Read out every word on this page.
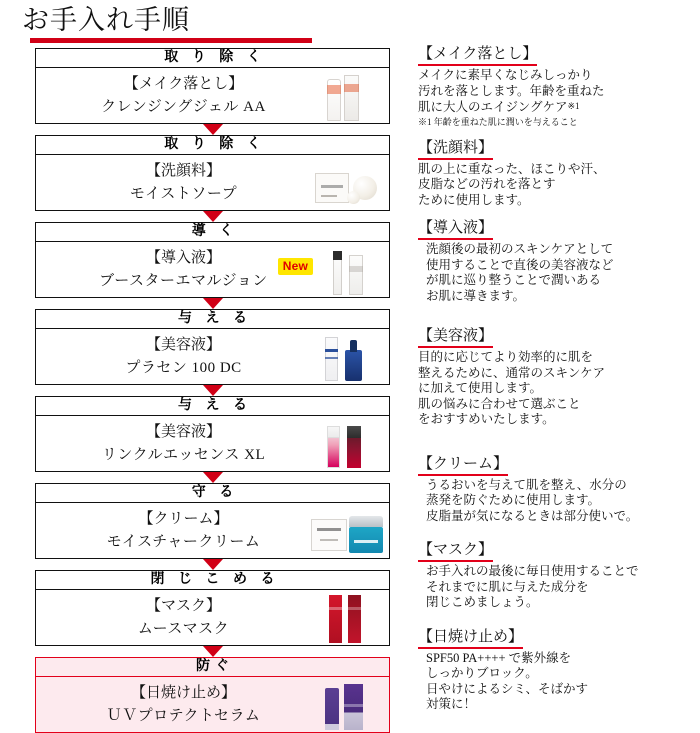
お手入れ手順
取 り 除 く
【メイク落とし】
クレンジングジェル AA
取 り 除 く
【洗顔料】
モイストソープ
導 く
【導入液】
ブースターエマルジョン
New
与 え る
【美容液】
プラセン 100 DC
与 え る
【美容液】
リンクルエッセンス XL
守 る
【クリーム】
モイスチャークリーム
閉 じ こ め る
【マスク】
ムースマスク
防ぐ
【日焼け止め】
ＵＶプロテクトセラム
【メイク落とし】
メイクに素早くなじみしっかり
汚れを落とします。年齢を重ねた
肌に大人のエイジングケア$^{※1}$
※1 年齢を重ねた肌に潤いを与えること
【洗顔料】
肌の上に重なった、ほこりや汗、
皮脂などの汚れを落とす
ために使用します。
【導入液】
洗顔後の最初のスキンケアとして
使用することで直後の美容液など
が肌に巡り整うことで潤いある
お肌に導きます。
【美容液】
目的に応じてより効率的に肌を
整えるために、通常のスキンケア
に加えて使用します。
肌の悩みに合わせて選ぶこと
をおすすめいたします。
【クリーム】
うるおいを与えて肌を整え、水分の
蒸発を防ぐために使用します。
皮脂量が気になるときは部分使いで。
【マスク】
お手入れの最後に毎日使用することで
それまでに肌に与えた成分を
閉じこめましょう。
【日焼け止め】
SPF50 PA++++ で紫外線を
しっかりブロック。
日やけによるシミ、そばかす
対策に！
